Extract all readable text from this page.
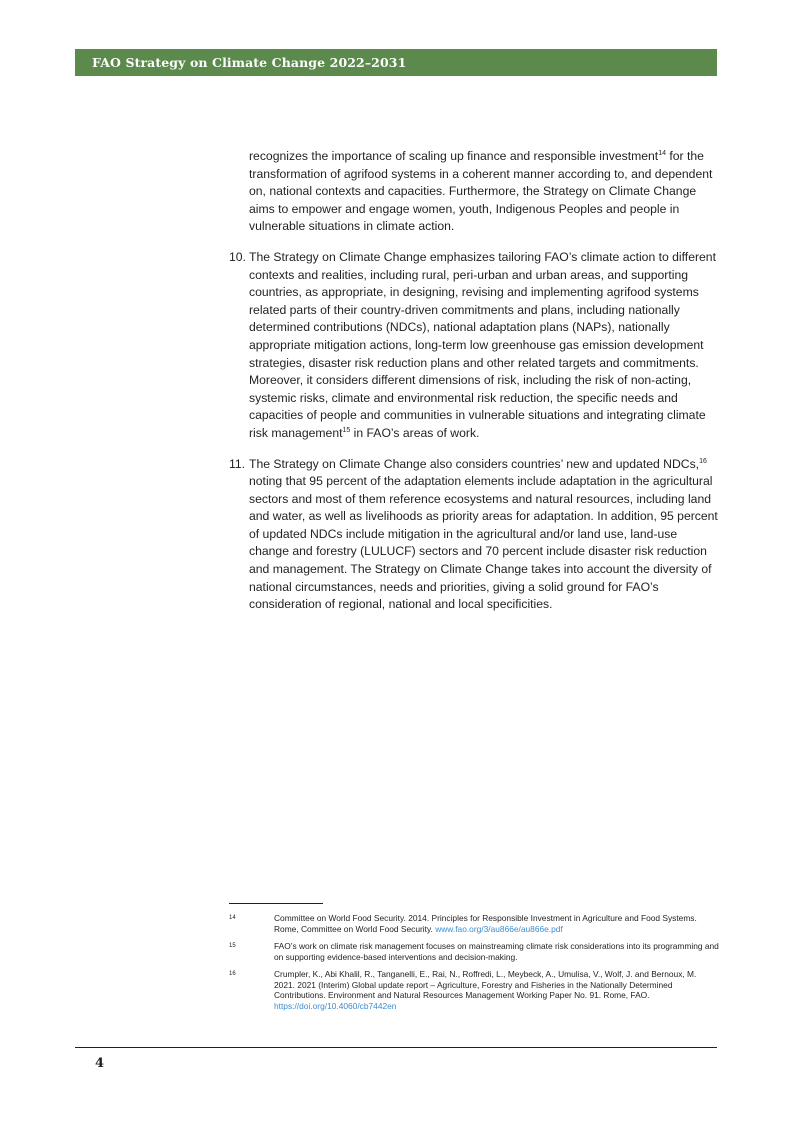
FAO Strategy on Climate Change 2022–2031

recognizes the importance of scaling up finance and responsible investment$^{14}$ for the transformation of agrifood systems in a coherent manner according to, and dependent on, national contexts and capacities. Furthermore, the Strategy on Climate Change aims to empower and engage women, youth, Indigenous Peoples and people in vulnerable situations in climate action.

10. The Strategy on Climate Change emphasizes tailoring FAO’s climate action to different contexts and realities, including rural, peri-urban and urban areas, and supporting countries, as appropriate, in designing, revising and implementing agrifood systems related parts of their country-driven commitments and plans, including nationally determined contributions (NDCs), national adaptation plans (NAPs), nationally appropriate mitigation actions, long-term low greenhouse gas emission development strategies, disaster risk reduction plans and other related targets and commitments. Moreover, it considers different dimensions of risk, including the risk of non-acting, systemic risks, climate and environmental risk reduction, the specific needs and capacities of people and communities in vulnerable situations and integrating climate risk management$^{15}$ in FAO’s areas of work.
11. The Strategy on Climate Change also considers countries’ new and updated NDCs,$^{16}$ noting that 95 percent of the adaptation elements include adaptation in the agricultural sectors and most of them reference ecosystems and natural resources, including land and water, as well as livelihoods as priority areas for adaptation. In addition, 95 percent of updated NDCs include mitigation in the agricultural and/or land use, land-use change and forestry (LULUCF) sectors and 70 percent include disaster risk reduction and management. The Strategy on Climate Change takes into account the diversity of national circumstances, needs and priorities, giving a solid ground for FAO’s consideration of regional, national and local specificities.
14	Committee on World Food Security. 2014. Principles for Responsible Investment in Agriculture and Food Systems. Rome, Committee on World Food Security. www.fao.org/3/au866e/au866e.pdf
15	FAO’s work on climate risk management focuses on mainstreaming climate risk considerations into its programming and on supporting evidence-based interventions and decision-making.
16	Crumpler, K., Abi Khalil, R., Tanganelli, E., Rai, N., Roffredi, L., Meybeck, A., Umulisa, V., Wolf, J. and Bernoux, M. 2021. 2021 (Interim) Global update report – Agriculture, Forestry and Fisheries in the Nationally Determined Contributions. Environment and Natural Resources Management Working Paper No. 91. Rome, FAO. https://doi.org/10.4060/cb7442en
4
